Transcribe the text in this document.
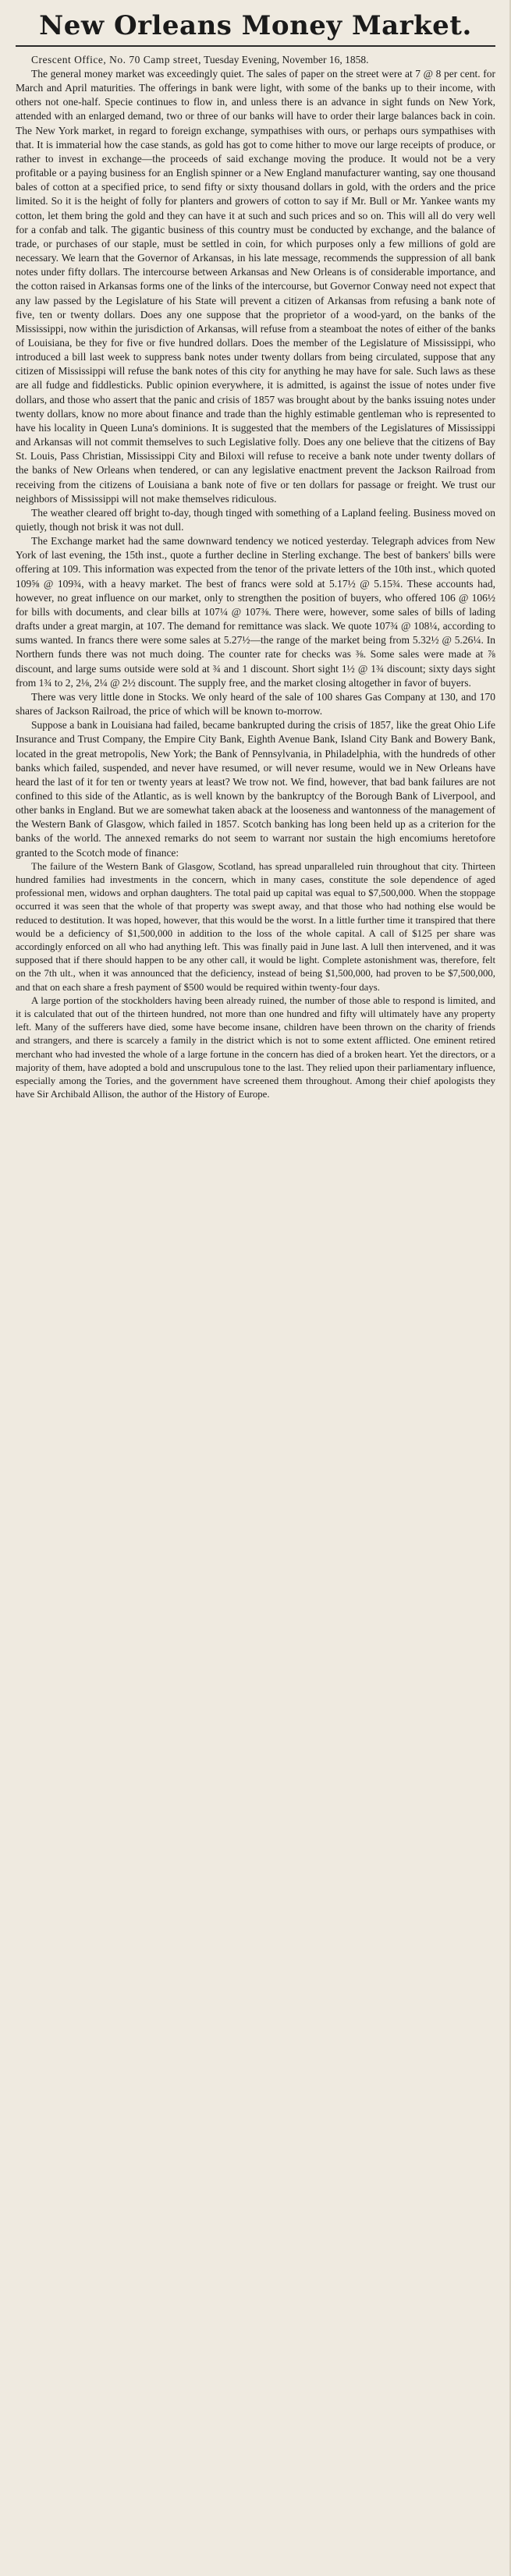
New Orleans Money Market.
Crescent Office, No. 70 Camp street, Tuesday Evening, November 16, 1858.

The general money market was exceedingly quiet. The sales of paper on the street were at 7 @ 8 per cent. for March and April maturities. The offerings in bank were light, with some of the banks up to their income, with others not one-half. Specie continues to flow in, and unless there is an advance in sight funds on New York, attended with an enlarged demand, two or three of our banks will have to order their large balances back in coin. The New York market, in regard to foreign exchange, sympathises with ours, or perhaps ours sympathises with that. It is immaterial how the case stands, as gold has got to come hither to move our large receipts of produce, or rather to invest in exchange—the proceeds of said exchange moving the produce. It would not be a very profitable or a paying business for an English spinner or a New England manufacturer wanting, say one thousand bales of cotton at a specified price, to send fifty or sixty thousand dollars in gold, with the orders and the price limited. So it is the height of folly for planters and growers of cotton to say if Mr. Bull or Mr. Yankee wants my cotton, let them bring the gold and they can have it at such and such prices and so on. This will all do very well for a confab and talk. The gigantic business of this country must be conducted by exchange, and the balance of trade, or purchases of our staple, must be settled in coin, for which purposes only a few millions of gold are necessary. We learn that the Governor of Arkansas, in his late message, recommends the suppression of all bank notes under fifty dollars. The intercourse between Arkansas and New Orleans is of considerable importance, and the cotton raised in Arkansas forms one of the links of the intercourse, but Governor Conway need not expect that any law passed by the Legislature of his State will prevent a citizen of Arkansas from refusing a bank note of five, ten or twenty dollars. Does any one suppose that the proprietor of a wood-yard, on the banks of the Mississippi, now within the jurisdiction of Arkansas, will refuse from a steamboat the notes of either of the banks of Louisiana, be they for five or five hundred dollars. Does the member of the Legislature of Mississippi, who introduced a bill last week to suppress bank notes under twenty dollars from being circulated, suppose that any citizen of Mississippi will refuse the bank notes of this city for anything he may have for sale. Such laws as these are all fudge and fiddlesticks. Public opinion everywhere, it is admitted, is against the issue of notes under five dollars, and those who assert that the panic and crisis of 1857 was brought about by the banks issuing notes under twenty dollars, know no more about finance and trade than the highly estimable gentleman who is represented to have his locality in Queen Luna's dominions. It is suggested that the members of the Legislatures of Mississippi and Arkansas will not commit themselves to such Legislative folly. Does any one believe that the citizens of Bay St. Louis, Pass Christian, Mississippi City and Biloxi will refuse to receive a bank note under twenty dollars of the banks of New Orleans when tendered, or can any legislative enactment prevent the Jackson Railroad from receiving from the citizens of Louisiana a bank note of five or ten dollars for passage or freight. We trust our neighbors of Mississippi will not make themselves ridiculous.

The weather cleared off bright to-day, though tinged with something of a Lapland feeling. Business moved on quietly, though not brisk it was not dull.

The Exchange market had the same downward tendency we noticed yesterday. Telegraph advices from New York of last evening, the 15th inst., quote a further decline in Sterling exchange. The best of bankers' bills were offering at 109. This information was expected from the tenor of the private letters of the 10th inst., which quoted 109⅝ @ 109¾, with a heavy market. The best of francs were sold at 5.17½ @ 5.15¾. These accounts had, however, no great influence on our market, only to strengthen the position of buyers, who offered 106 @ 106½ for bills with documents, and clear bills at 107¼ @ 107⅜. There were, however, some sales of bills of lading drafts under a great margin, at 107. The demand for remittance was slack. We quote 107¾ @ 108¼, according to sums wanted. In francs there were some sales at 5.27½—the range of the market being from 5.32½ @ 5.26¼. In Northern funds there was not much doing. The counter rate for checks was ⅜. Some sales were made at ⅞ discount, and large sums outside were sold at ¾ and 1 discount. Short sight 1½ @ 1¾ discount; sixty days sight from 1¾ to 2, 2⅛, 2¼ @ 2½ discount. The supply free, and the market closing altogether in favor of buyers.

There was very little done in Stocks. We only heard of the sale of 100 shares Gas Company at 130, and 170 shares of Jackson Railroad, the price of which will be known to-morrow.

Suppose a bank in Louisiana had failed, became bankrupted during the crisis of 1857, like the great Ohio Life Insurance and Trust Company, the Empire City Bank, Eighth Avenue Bank, Island City Bank and Bowery Bank, located in the great metropolis, New York; the Bank of Pennsylvania, in Philadelphia, with the hundreds of other banks which failed, suspended, and never have resumed, or will never resume, would we in New Orleans have heard the last of it for ten or twenty years at least? We trow not. We find, however, that bad bank failures are not confined to this side of the Atlantic, as is well known by the bankruptcy of the Borough Bank of Liverpool, and other banks in England. But we are somewhat taken aback at the looseness and wantonness of the management of the Western Bank of Glasgow, which failed in 1857. Scotch banking has long been held up as a criterion for the banks of the world. The annexed remarks do not seem to warrant nor sustain the high encomiums heretofore granted to the Scotch mode of finance:

The failure of the Western Bank of Glasgow, Scotland, has spread unparalleled ruin throughout that city. Thirteen hundred families had investments in the concern, which in many cases, constitute the sole dependence of aged professional men, widows and orphan daughters. The total paid up capital was equal to $7,500,000. When the stoppage occurred it was seen that the whole of that property was swept away, and that those who had nothing else would be reduced to destitution. It was hoped, however, that this would be the worst. In a little further time it transpired that there would be a deficiency of $1,500,000 in addition to the loss of the whole capital. A call of $125 per share was accordingly enforced on all who had anything left. This was finally paid in June last. A lull then intervened, and it was supposed that if there should happen to be any other call, it would be light. Complete astonishment was, therefore, felt on the 7th ult., when it was announced that the deficiency, instead of being $1,500,000, had proven to be $7,500,000, and that on each share a fresh payment of $500 would be required within twenty-four days.

A large portion of the stockholders having been already ruined, the number of those able to respond is limited, and it is calculated that out of the thirteen hundred, not more than one hundred and fifty will ultimately have any property left. Many of the sufferers have died, some have become insane, children have been thrown on the charity of friends and strangers, and there is scarcely a family in the district which is not to some extent afflicted. One eminent retired merchant who had invested the whole of a large fortune in the concern has died of a broken heart. Yet the directors, or a majority of them, have adopted a bold and unscrupulous tone to the last. They relied upon their parliamentary influence, especially among the Tories, and the government have screened them throughout. Among their chief apologists they have Sir Archibald Allison, the author of the History of Europe.
